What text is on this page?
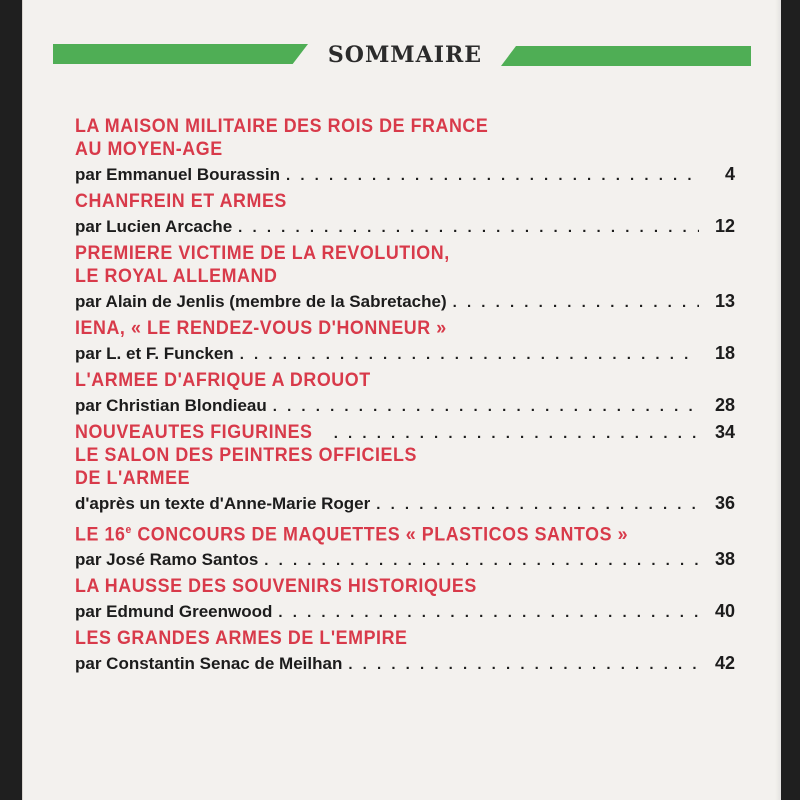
SOMMAIRE
LA MAISON MILITAIRE DES ROIS DE FRANCE
AU MOYEN-AGE
par Emmanuel Bourassin . . .	4
CHANFREIN ET ARMES
par Lucien Arcache . . .	12
PREMIERE VICTIME DE LA REVOLUTION,
LE ROYAL ALLEMAND
par Alain de Jenlis (membre de la Sabretache) . . .	13
IENA, « LE RENDEZ-VOUS D'HONNEUR »
par L. et F. Funcken . . .	18
L'ARMEE D'AFRIQUE A DROUOT
par Christian Blondieau . . .	28
NOUVEAUTES FIGURINES . . .	34
LE SALON DES PEINTRES OFFICIELS
DE L'ARMEE
d'après un texte d'Anne-Marie Roger . . .	36
LE 16e CONCOURS DE MAQUETTES « PLASTICOS SANTOS »
par José Ramo Santos . . .	38
LA HAUSSE DES SOUVENIRS HISTORIQUES
par Edmund Greenwood . . .	40
LES GRANDES ARMES DE L'EMPIRE
par Constantin Senac de Meilhan . . .	42
